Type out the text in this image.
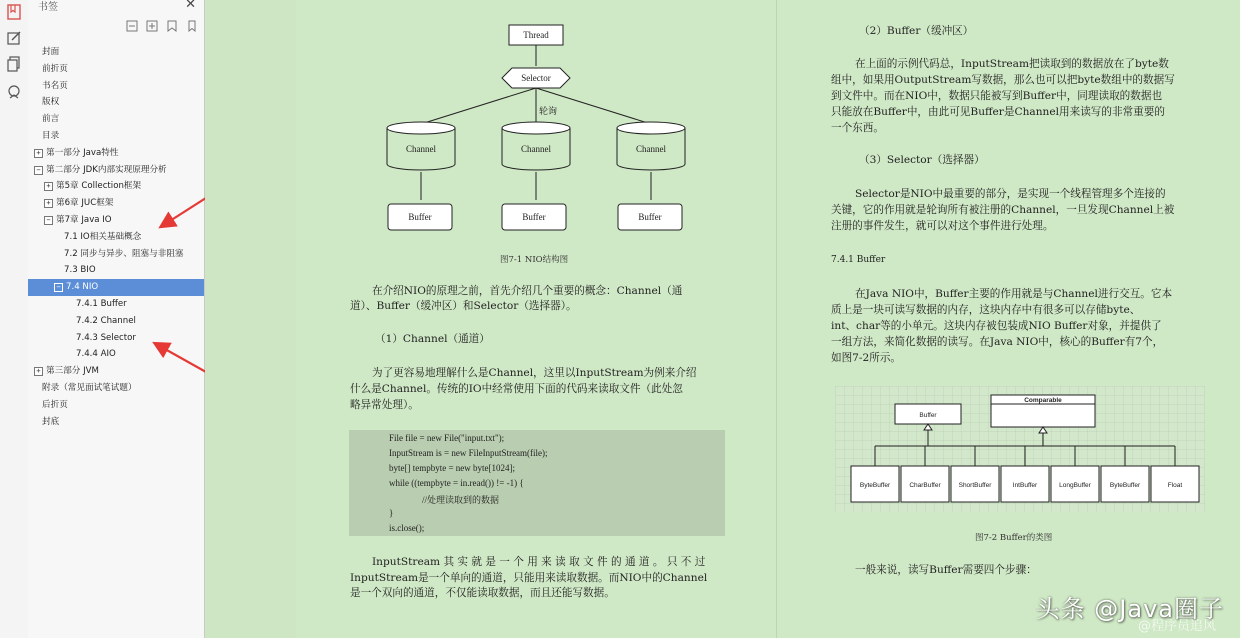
书签	✕
封面
前折页
书名页
版权
前言
目录
+ 第一部分 Java特性
− 第二部分 JDK内部实现原理分析
+ 第5章 Collection框架
+ 第6章 JUC框架
− 第7章 Java IO
7.1 IO相关基础概念
7.2 同步与异步、阻塞与非阻塞
7.3 BIO
− 7.4 NIO
7.4.1 Buffer
7.4.2 Channel
7.4.3 Selector
7.4.4 AIO
+ 第三部分 JVM
附录（常见面试笔试题）
后折页
封底
Thread
Selector
轮询
Channel	Channel	Channel
Buffer	Buffer	Buffer
图7-1 NIO结构图
在介绍NIO的原理之前，首先介绍几个重要的概念：Channel（通
道）、Buffer（缓冲区）和Selector（选择器）。
（1）Channel（通道）
为了更容易地理解什么是Channel，这里以InputStream为例来介绍
什么是Channel。传统的IO中经常使用下面的代码来读取文件（此处忽
略异常处理）。
File file = new File("input.txt");
InputStream is = new FileInputStream(file);
byte[] tempbyte = new byte[1024];
while ((tempbyte = in.read()) != -1) {
//处理读取到的数据
}
is.close();
InputStream 其 实 就 是 一 个 用 来 读 取 文 件 的 通 道 。 只 不 过
InputStream是一个单向的通道，只能用来读取数据。而NIO中的Channel
是一个双向的通道，不仅能读取数据，而且还能写数据。
（2）Buffer（缓冲区）
在上面的示例代码总，InputStream把读取到的数据放在了byte数
组中，如果用OutputStream写数据，那么也可以把byte数组中的数据写
到文件中。而在NIO中，数据只能被写到Buffer中，同理读取的数据也
只能放在Buffer中，由此可见Buffer是Channel用来读写的非常重要的
一个东西。
（3）Selector（选择器）
Selector是NIO中最重要的部分，是实现一个线程管理多个连接的
关键，它的作用就是轮询所有被注册的Channel，一旦发现Channel上被
注册的事件发生，就可以对这个事件进行处理。
7.4.1 Buffer
在Java NIO中，Buffer主要的作用就是与Channel进行交互。它本
质上是一块可读写数据的内存，这块内存中有很多可以存储byte、
int、char等的小单元。这块内存被包装成NIO Buffer对象，并提供了
一组方法，来简化数据的读写。在Java NIO中，核心的Buffer有7个，
如图7-2所示。
Buffer
Comparable
ByteBuffer	CharBuffer	ShortBuffer	IntBuffer	LongBuffer	ByteBuffer	Float
图7-2 Buffer的类图
一般来说，读写Buffer需要四个步骤：
头条 @Java圈子
@程序员追风
